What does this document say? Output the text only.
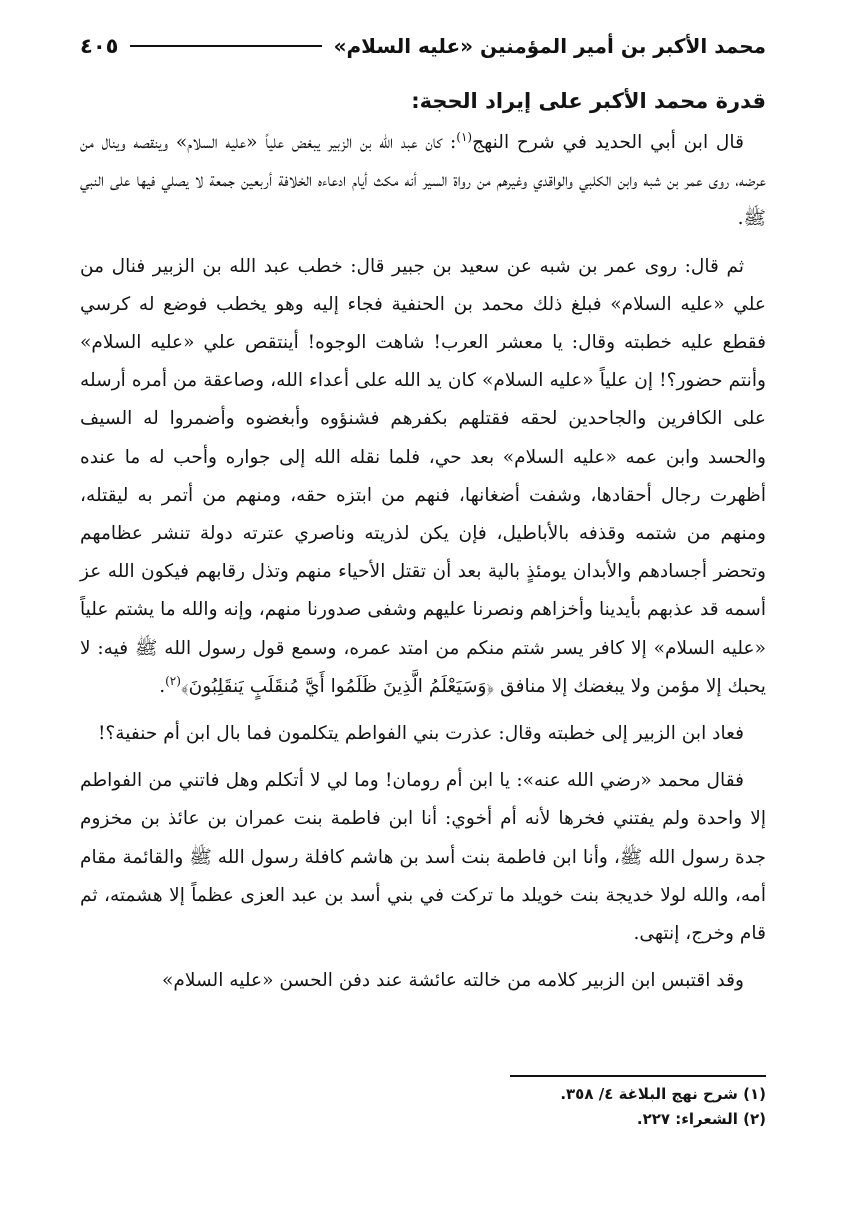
محمد الأكبر بن أمير المؤمنين «عليه السلام»
٤٠٥
قدرة محمد الأكبر على إيراد الحجة:

قال ابن أبي الحديد في شرح النهج$^{(١)}$: كان عبد الله بن الزبير يبغض علياً «عليه السلام» وينقصه وينال من عرضه، روى عمر بن شبه وابن الكلبي والواقدي وغيرهم من رواة السير أنه مكث أيام ادعاءه الخلافة أربعين جمعة لا يصلي فيها على النبي ﷺ.

ثم قال: روى عمر بن شبه عن سعيد بن جبير قال: خطب عبد الله بن الزبير فنال من علي «عليه السلام» فبلغ ذلك محمد بن الحنفية فجاء إليه وهو يخطب فوضع له كرسي فقطع عليه خطبته وقال: يا معشر العرب! شاهت الوجوه! أينتقص علي «عليه السلام» وأنتم حضور؟! إن علياً «عليه السلام» كان يد الله على أعداء الله، وصاعقة من أمره أرسله على الكافرين والجاحدين لحقه فقتلهم بكفرهم فشنؤوه وأبغضوه وأضمروا له السيف والحسد وابن عمه «عليه السلام» بعد حي، فلما نقله الله إلى جواره وأحب له ما عنده أظهرت رجال أحقادها، وشفت أضغانها، فنهم من ابتزه حقه، ومنهم من أتمر به ليقتله، ومنهم من شتمه وقذفه بالأباطيل، فإن يكن لذريته وناصري عترته دولة تنشر عظامهم وتحضر أجسادهم والأبدان يومئذٍ بالية بعد أن تقتل الأحياء منهم وتذل رقابهم فيكون الله عز أسمه قد عذبهم بأيدينا وأخزاهم ونصرنا عليهم وشفى صدورنا منهم، وإنه والله ما يشتم علياً «عليه السلام» إلا كافر يسر شتم منكم من امتد عمره، وسمع قول رسول الله ﷺ فيه: لا يحبك إلا مؤمن ولا يبغضك إلا منافق ﴿وَسَيَعْلَمُ الَّذِينَ ظَلَمُوا أَيَّ مُنقَلَبٍ يَنقَلِبُونَ﴾$^{(٢)}$.

فعاد ابن الزبير إلى خطبته وقال: عذرت بني الفواطم يتكلمون فما بال ابن أم حنفية؟!

فقال محمد «رضي الله عنه»: يا ابن أم رومان! وما لي لا أتكلم وهل فاتني من الفواطم إلا واحدة ولم يفتني فخرها لأنه أم أخوي: أنا ابن فاطمة بنت عمران بن عائذ بن مخزوم جدة رسول الله ﷺ، وأنا ابن فاطمة بنت أسد بن هاشم كافلة رسول الله ﷺ والقائمة مقام أمه، والله لولا خديجة بنت خويلد ما تركت في بني أسد بن عبد العزى عظماً إلا هشمته، ثم قام وخرج، إنتهى.

وقد اقتبس ابن الزبير كلامه من خالته عائشة عند دفن الحسن «عليه السلام»

(١) شرح نهج البلاغة ٤/ ٣٥٨.
(٢) الشعراء: ٢٢٧.
